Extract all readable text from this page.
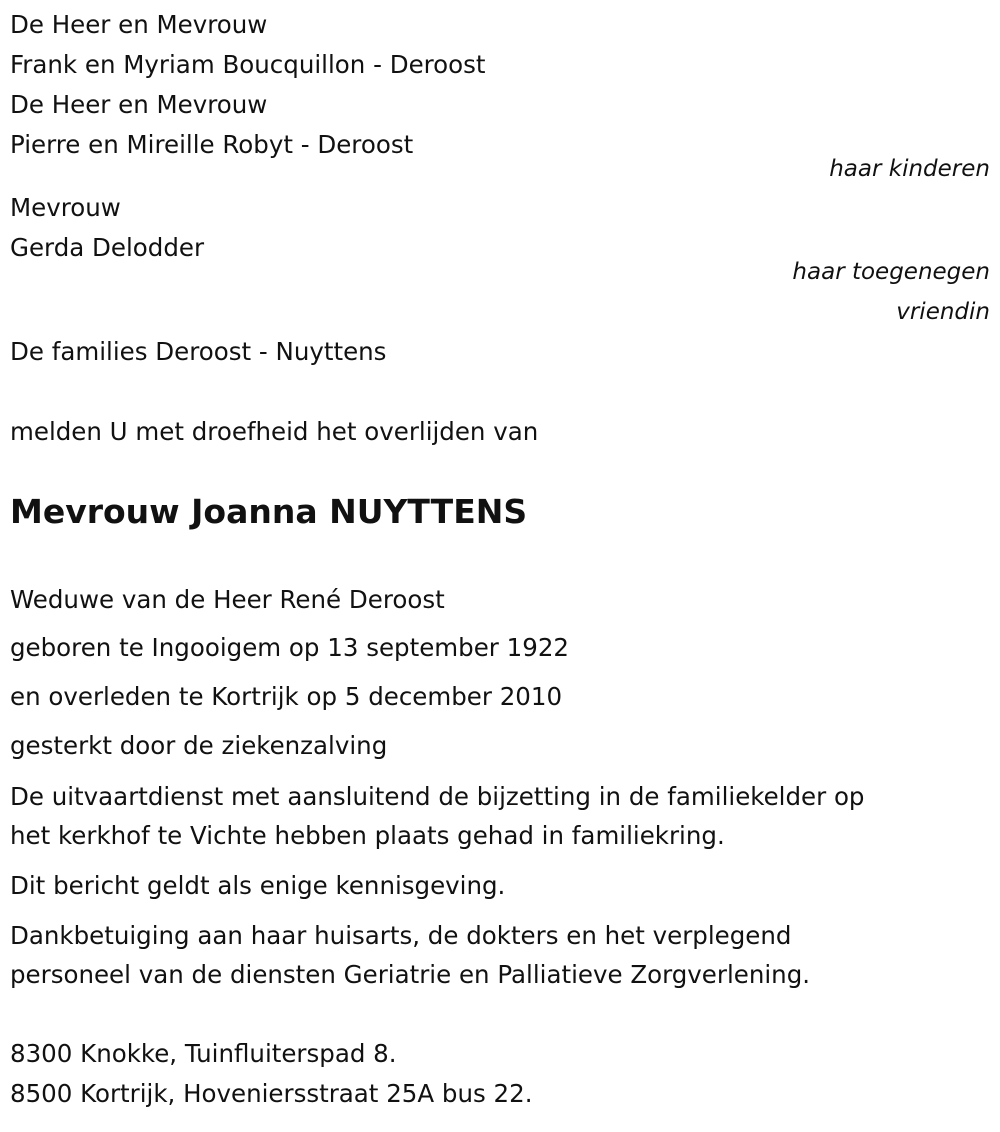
De Heer en Mevrouw
Frank en Myriam Boucquillon - Deroost
De Heer en Mevrouw
Pierre en Mireille Robyt - Deroost
haar kinderen
Mevrouw
Gerda Delodder
haar toegenegen
vriendin
De families Deroost - Nuyttens
melden U met droefheid het overlijden van
Mevrouw Joanna NUYTTENS
Weduwe van de Heer René Deroost
geboren te Ingooigem op 13 september 1922
en overleden te Kortrijk op 5 december 2010
gesterkt door de ziekenzalving
De uitvaartdienst met aansluitend de bijzetting in de familiekelder op
het kerkhof te Vichte hebben plaats gehad in familiekring.
Dit bericht geldt als enige kennisgeving.
Dankbetuiging aan haar huisarts, de dokters en het verplegend
personeel van de diensten Geriatrie en Palliatieve Zorgverlening.
8300 Knokke, Tuinfluiterspad 8.
8500 Kortrijk, Hoveniersstraat 25A bus 22.
